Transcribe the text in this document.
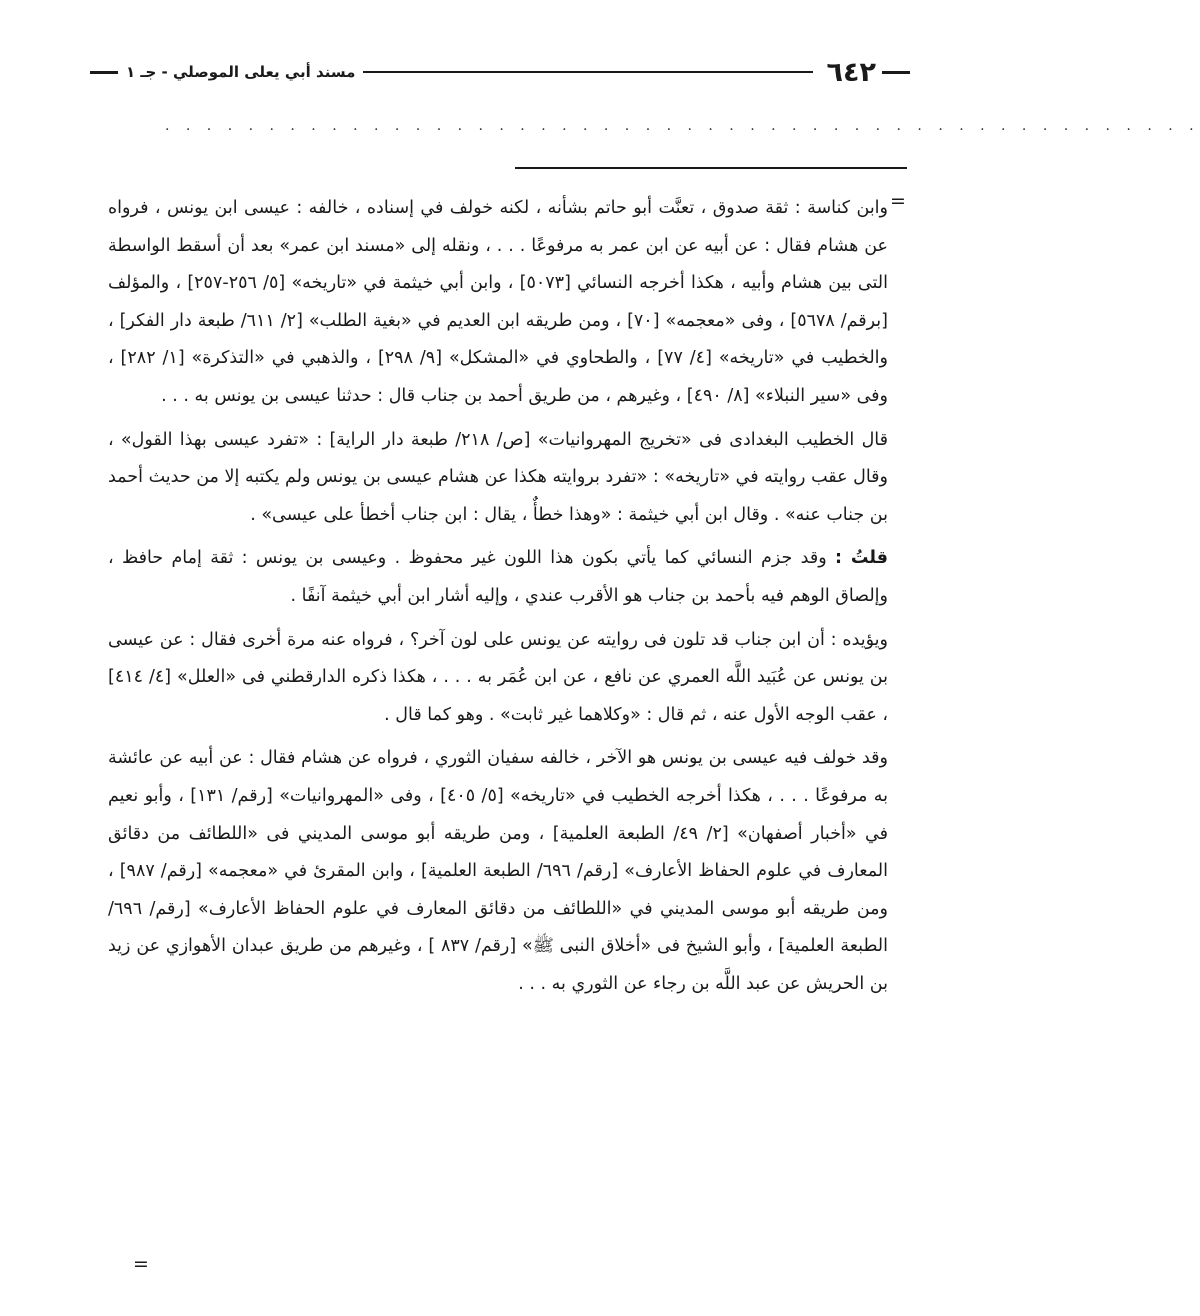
٦٤٢
مسند أبي يعلى الموصلي - جـ ١
. . . . . . . . . . . . . . . . . . . . . . . . . . . . . . . . . . . . . . . . . . . . . . . . . .
=

وابن كناسة : ثقة صدوق ، تعنَّت أبو حاتم بشأنه ، لكنه خولف في إسناده ، خالفه : عيسى ابن يونس ، فرواه عن هشام فقال : عن أبيه عن ابن عمر به مرفوعًا . . . ، ونقله إلى «مسند ابن عمر» بعد أن أسقط الواسطة التى بين هشام وأبيه ، هكذا أخرجه النسائي [٥٠٧٣] ، وابن أبي خيثمة في «تاريخه» [٥/ ٢٥٦-٢٥٧] ، والمؤلف [برقم/ ٥٦٧٨] ، وفى «معجمه» [٧٠] ، ومن طريقه ابن العديم في «بغية الطلب» [٢/ ٦١١/ طبعة دار الفكر] ، والخطيب في «تاريخه» [٤/ ٧٧] ، والطحاوي في «المشكل» [٩/ ٢٩٨] ، والذهبي في «التذكرة» [١/ ٢٨٢] ، وفى «سير النبلاء» [٨/ ٤٩٠] ، وغيرهم ، من طريق أحمد بن جناب قال : حدثنا عيسى بن يونس به . . .

قال الخطيب البغدادى فى «تخريج المهروانيات» [ص/ ٢١٨/ طبعة دار الراية] : «تفرد عيسى بهذا القول» ، وقال عقب روايته في «تاريخه» : «تفرد بروايته هكذا عن هشام عيسى بن يونس ولم يكتبه إلا من حديث أحمد بن جناب عنه» . وقال ابن أبي خيثمة : «وهذا خطأٌ ، يقال : ابن جناب أخطأ على عيسى» .

قلتُ : وقد جزم النسائي كما يأتي بكون هذا اللون غير محفوظ . وعيسى بن يونس : ثقة إمام حافظ ، وإلصاق الوهم فيه بأحمد بن جناب هو الأقرب عندي ، وإليه أشار ابن أبي خيثمة آنفًا .

ويؤيده : أن ابن جناب قد تلون فى روايته عن يونس على لون آخر؟ ، فرواه عنه مرة أخرى فقال : عن عيسى بن يونس عن عُبَيد اللَّه العمري عن نافع ، عن ابن عُمَر به . . . ، هكذا ذكره الدارقطني فى «العلل» [٤/ ٤١٤] ، عقب الوجه الأول عنه ، ثم قال : «وكلاهما غير ثابت» . وهو كما قال .

وقد خولف فيه عيسى بن يونس هو الآخر ، خالفه سفيان الثوري ، فرواه عن هشام فقال : عن أبيه عن عائشة به مرفوعًا . . . ، هكذا أخرجه الخطيب في «تاريخه» [٥/ ٤٠٥] ، وفى «المهروانيات» [رقم/ ١٣١] ، وأبو نعيم في «أخبار أصفهان» [٢/ ٤٩/ الطبعة العلمية] ، ومن طريقه أبو موسى المديني فى «اللطائف من دقائق المعارف في علوم الحفاظ الأعارف» [رقم/ ٦٩٦/ الطبعة العلمية] ، وابن المقرئ في «معجمه» [رقم/ ٩٨٧] ، ومن طريقه أبو موسى المديني في «اللطائف من دقائق المعارف في علوم الحفاظ الأعارف» [رقم/ ٦٩٦/ الطبعة العلمية] ، وأبو الشيخ فى «أخلاق النبى ﷺ» [رقم/ ٨٣٧ ] ، وغيرهم من طريق عبدان الأهوازي عن زيد بن الحريش عن عبد اللَّه بن رجاء عن الثوري به . . .

=
